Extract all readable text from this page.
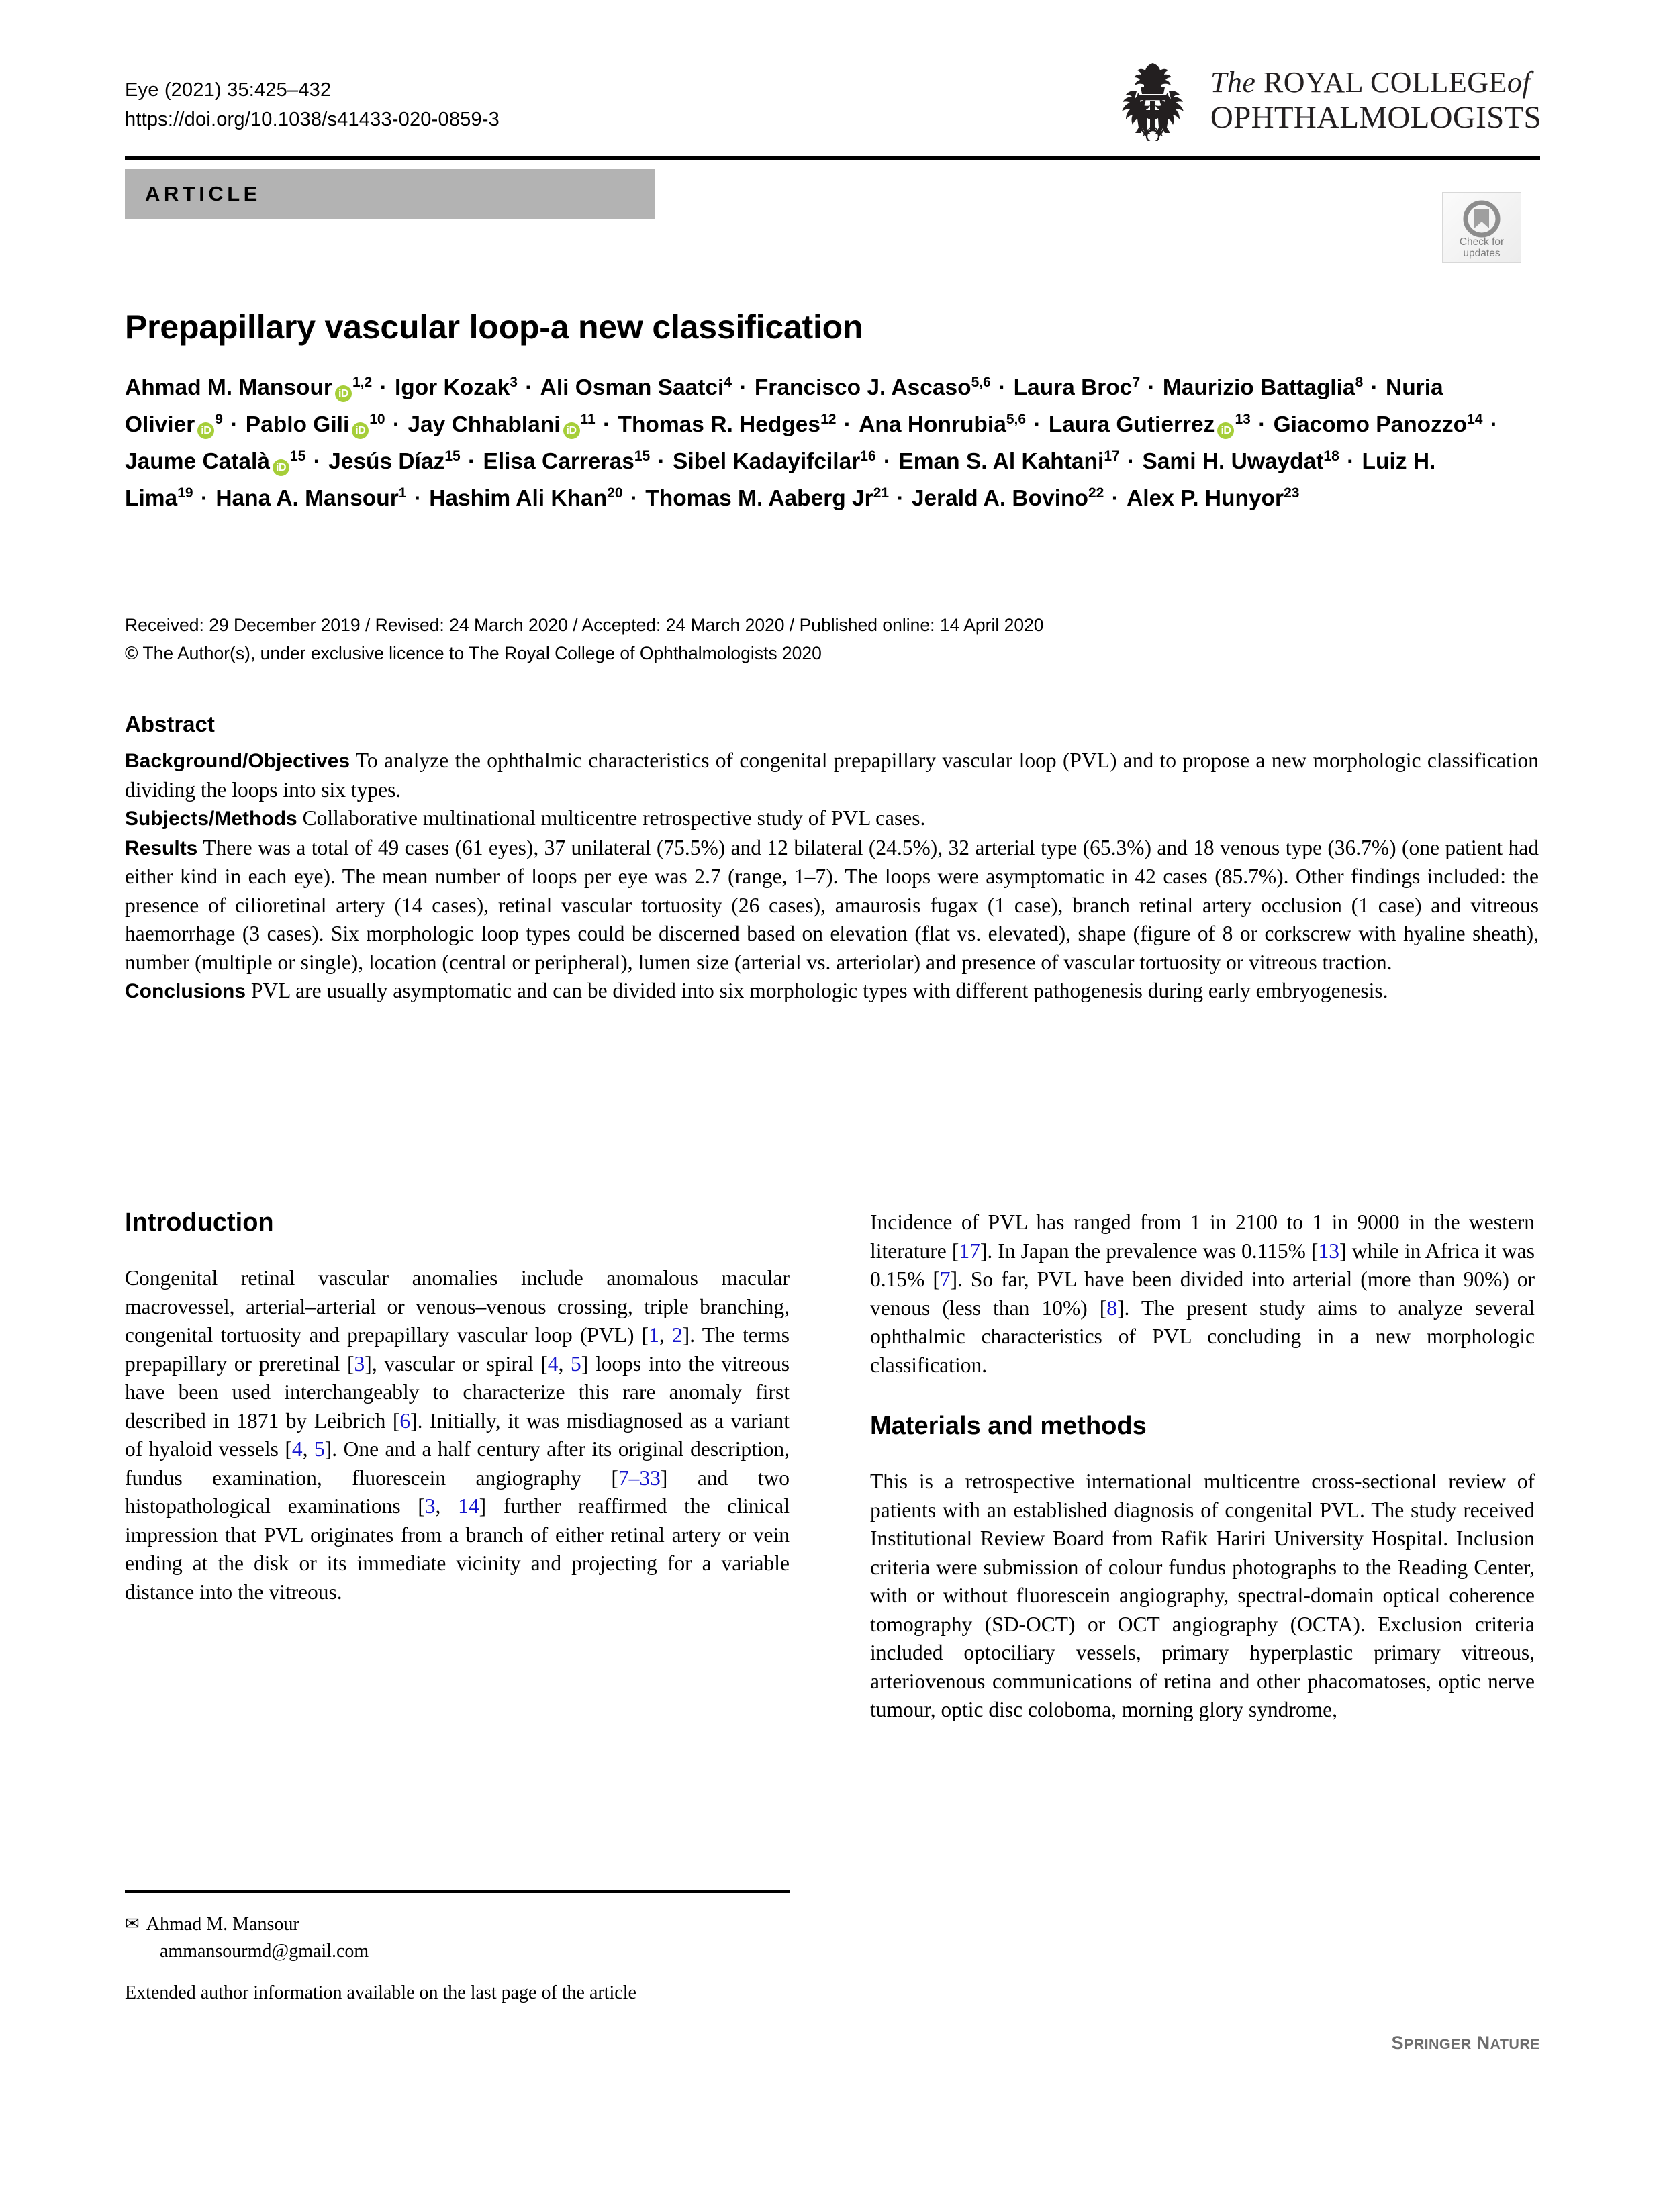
Eye (2021) 35:425–432
https://doi.org/10.1038/s41433-020-0859-3
The ROYAL COLLEGEof
OPHTHALMOLOGISTS
ARTICLE
Check for
updates
Prepapillary vascular loop-a new classification
Ahmad M. Mansour iD$^{1,2}$ · Igor Kozak$^3$ · Ali Osman Saatci$^4$ · Francisco J. Ascaso$^{5,6}$ · Laura Broc$^7$ · Maurizio Battaglia$^8$ · Nuria Olivier $iD^9$ · Pablo Gili $iD^{10}$ · Jay Chhablani $iD^{11}$ · Thomas R. Hedges$^{12}$ · Ana Honrubia$^{5,6}$ · Laura Gutierrez $iD^{13}$ · Giacomo Panozzo$^{14}$ · Jaume Català $iD^{15}$ · Jesús Díaz$^{15}$ · Elisa Carreras$^{15}$ · Sibel Kadayifcilar$^{16}$ · Eman S. Al Kahtani$^{17}$ · Sami H. Uwaydat$^{18}$ · Luiz H. Lima$^{19}$ · Hana A. Mansour$^1$ · Hashim Ali Khan$^{20}$ · Thomas M. Aaberg $Jr^{21}$ · Jerald A. Bovino$^{22}$ · Alex P. Hunyor$^{23}$
Received: 29 December 2019 / Revised: 24 March 2020 / Accepted: 24 March 2020 / Published online: 14 April 2020
© The Author(s), under exclusive licence to The Royal College of Ophthalmologists 2020
Abstract

Background/Objectives To analyze the ophthalmic characteristics of congenital prepapillary vascular loop (PVL) and to propose a new morphologic classification dividing the loops into six types.

Subjects/Methods Collaborative multinational multicentre retrospective study of PVL cases.

Results There was a total of 49 cases (61 eyes), 37 unilateral (75.5%) and 12 bilateral (24.5%), 32 arterial type (65.3%) and 18 venous type (36.7%) (one patient had either kind in each eye). The mean number of loops per eye was 2.7 (range, 1–7). The loops were asymptomatic in 42 cases (85.7%). Other findings included: the presence of cilioretinal artery (14 cases), retinal vascular tortuosity (26 cases), amaurosis fugax (1 case), branch retinal artery occlusion (1 case) and vitreous haemorrhage (3 cases). Six morphologic loop types could be discerned based on elevation (flat vs. elevated), shape (figure of 8 or corkscrew with hyaline sheath), number (multiple or single), location (central or peripheral), lumen size (arterial vs. arteriolar) and presence of vascular tortuosity or vitreous traction.

Conclusions PVL are usually asymptomatic and can be divided into six morphologic types with different pathogenesis during early embryogenesis.

Introduction

Congenital retinal vascular anomalies include anomalous macular macrovessel, arterial–arterial or venous–venous crossing, triple branching, congenital tortuosity and prepapillary vascular loop (PVL) [1, 2]. The terms prepapillary or preretinal [3], vascular or spiral [4, 5] loops into the vitreous have been used interchangeably to characterize this rare anomaly first described in 1871 by Leibrich [6]. Initially, it was misdiagnosed as a variant of hyaloid vessels [4, 5]. One and a half century after its original description, fundus examination, fluorescein angiography [7–33] and two histopathological examinations [3, 14] further reaffirmed the clinical impression that PVL originates from a branch of either retinal artery or vein ending at the disk or its immediate vicinity and projecting for a variable distance into the vitreous.

Incidence of PVL has ranged from 1 in 2100 to 1 in 9000 in the western literature [17]. In Japan the prevalence was 0.115% [13] while in Africa it was 0.15% [7]. So far, PVL have been divided into arterial (more than 90%) or venous (less than 10%) [8]. The present study aims to analyze several ophthalmic characteristics of PVL concluding in a new morphologic classification.

Materials and methods

This is a retrospective international multicentre cross-sectional review of patients with an established diagnosis of congenital PVL. The study received Institutional Review Board from Rafik Hariri University Hospital. Inclusion criteria were submission of colour fundus photographs to the Reading Center, with or without fluorescein angiography, spectral-domain optical coherence tomography (SD-OCT) or OCT angiography (OCTA). Exclusion criteria included optociliary vessels, primary hyperplastic primary vitreous, arteriovenous communications of retina and other phacomatoses, optic nerve tumour, optic disc coloboma, morning glory syndrome,

✉ Ahmad M. Mansour
ammansourmd@gmail.com
Extended author information available on the last page of the article
SPRINGER NATURE
